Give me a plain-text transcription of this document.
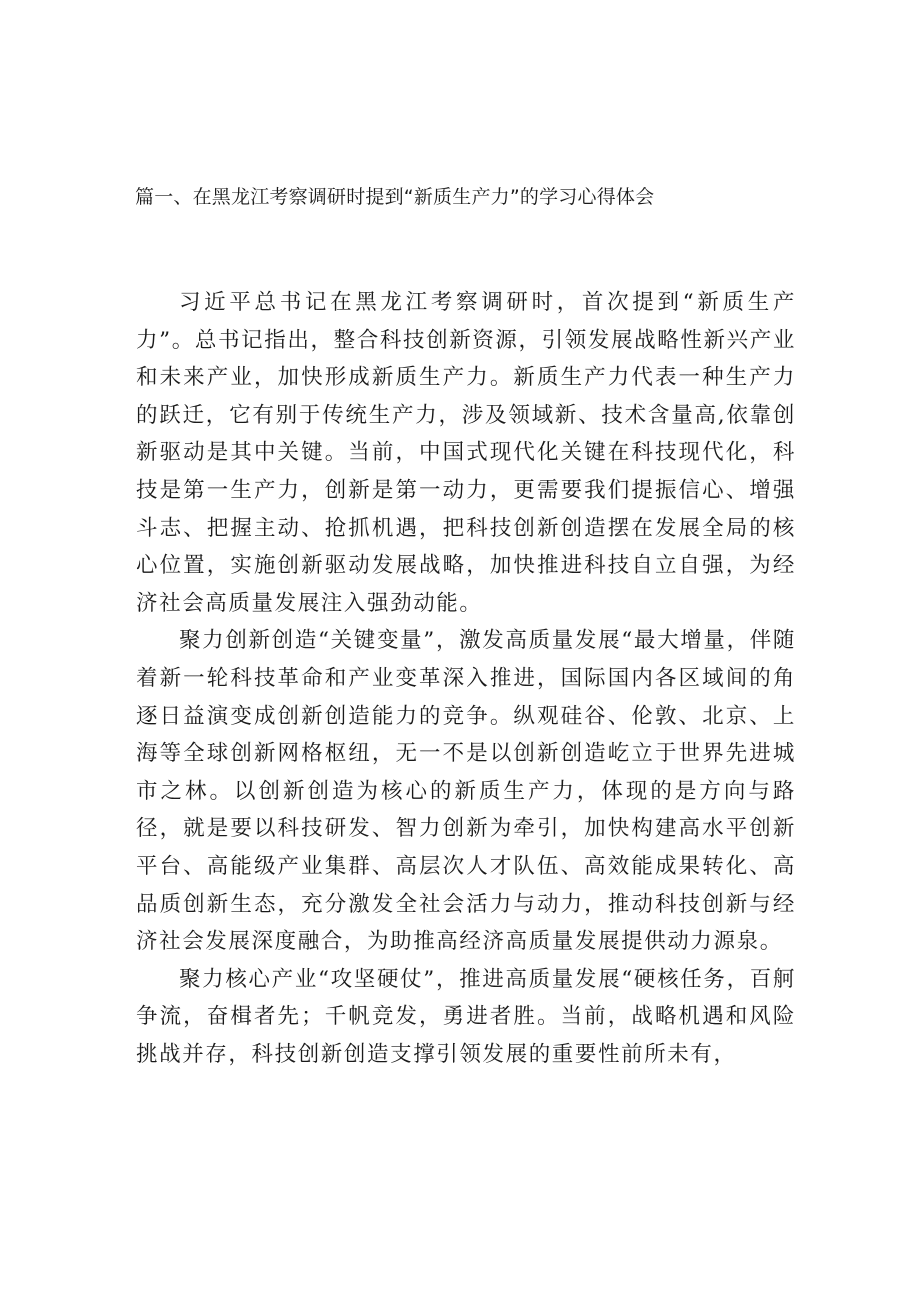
篇一、在黑龙江考察调研时提到“新质生产力”的学习心得体会

习近平总书记在黑龙江考察调研时，首次提到“新质生产力”。总书记指出，整合科技创新资源，引领发展战略性新兴产业和未来产业，加快形成新质生产力。新质生产力代表一种生产力的跃迁，它有别于传统生产力，涉及领域新、技术含量高,依靠创新驱动是其中关键。当前，中国式现代化关键在科技现代化，科技是第一生产力，创新是第一动力，更需要我们提振信心、增强斗志、把握主动、抢抓机遇，把科技创新创造摆在发展全局的核心位置，实施创新驱动发展战略，加快推进科技自立自强，为经济社会高质量发展注入强劲动能。

聚力创新创造“关键变量”，激发高质量发展“最大增量，伴随着新一轮科技革命和产业变革深入推进，国际国内各区域间的角逐日益演变成创新创造能力的竞争。纵观硅谷、伦敦、北京、上海等全球创新网格枢纽，无一不是以创新创造屹立于世界先进城市之林。以创新创造为核心的新质生产力，体现的是方向与路径，就是要以科技研发、智力创新为牵引，加快构建高水平创新平台、高能级产业集群、高层次人才队伍、高效能成果转化、高品质创新生态，充分激发全社会活力与动力，推动科技创新与经济社会发展深度融合，为助推高经济高质量发展提供动力源泉。

聚力核心产业“攻坚硬仗”，推进高质量发展“硬核任务，百舸争流，奋楫者先；千帆竞发，勇进者胜。当前，战略机遇和风险挑战并存，科技创新创造支撑引领发展的重要性前所未有，
